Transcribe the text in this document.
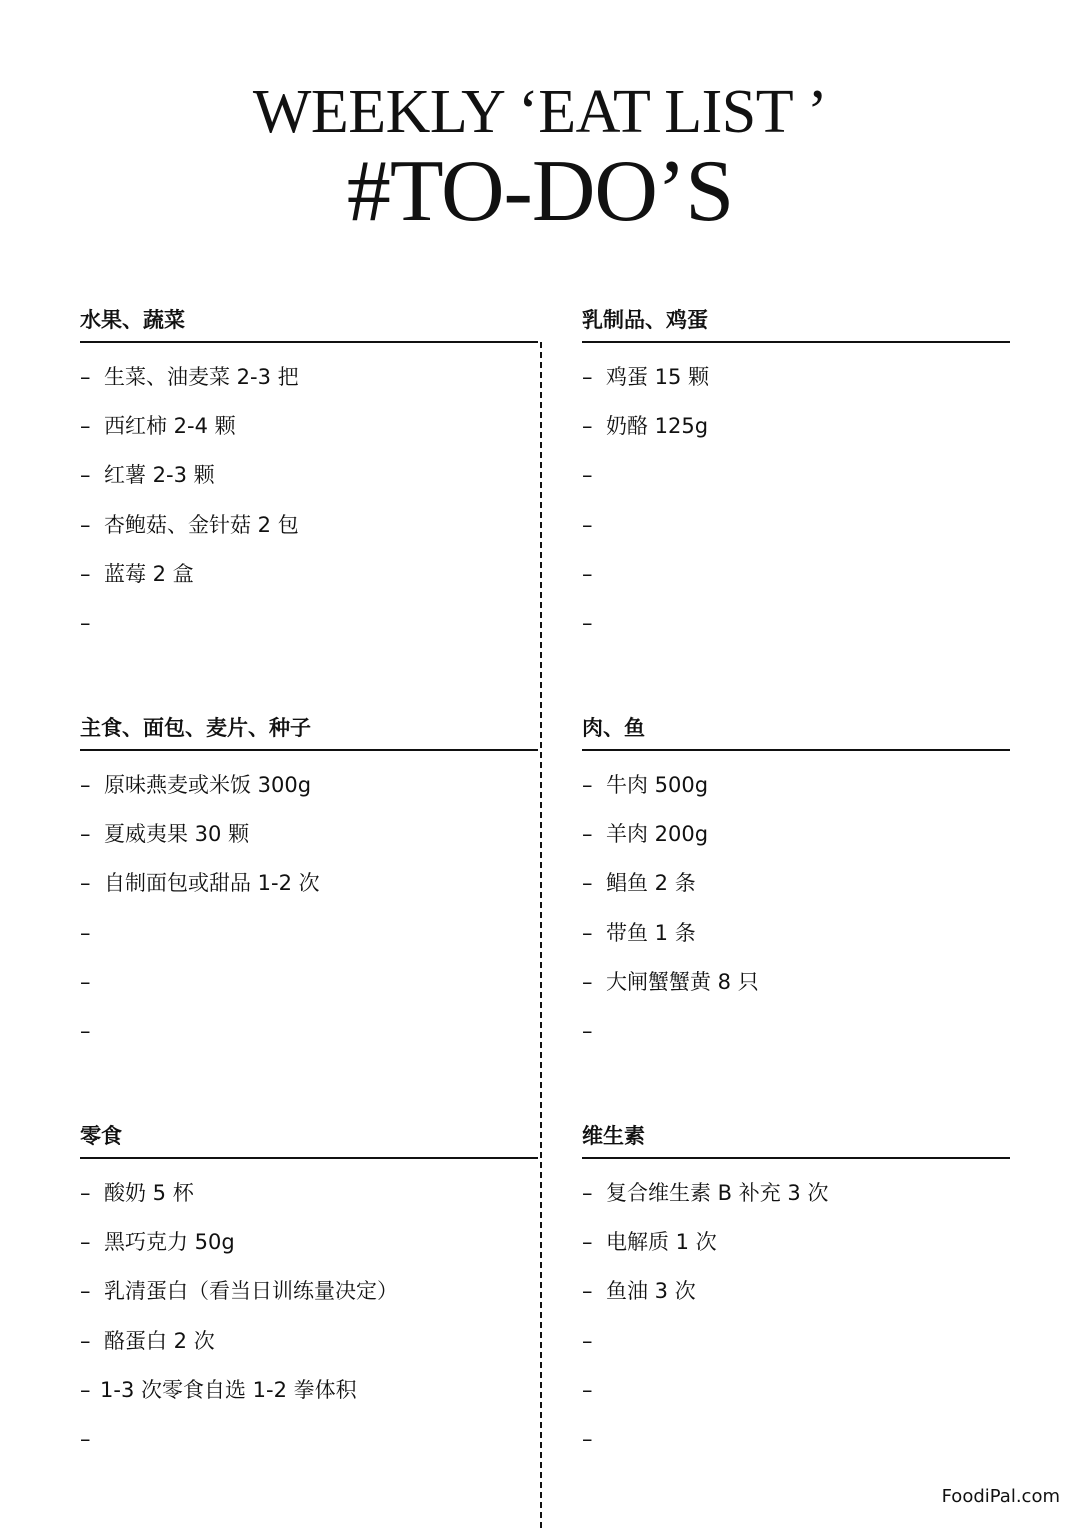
WEEKLY ‘EAT LIST ’
#TO-DO’S
水果、蔬菜
– 生菜、油麦菜 2-3 把
– 西红柿 2-4 颗
– 红薯 2-3 颗
– 杏鲍菇、金针菇 2 包
– 蓝莓 2 盒
–
乳制品、鸡蛋
– 鸡蛋 15 颗
– 奶酪 125g
–
–
–
–
主食、面包、麦片、种子
– 原味燕麦或米饭 300g
– 夏威夷果 30 颗
– 自制面包或甜品 1-2 次
–
–
–
肉、鱼
– 牛肉 500g
– 羊肉 200g
– 鲳鱼 2 条
– 带鱼 1 条
– 大闸蟹蟹黄 8 只
–
零食
– 酸奶 5 杯
– 黑巧克力 50g
– 乳清蛋白（看当日训练量决定）
– 酪蛋白 2 次
– 1-3 次零食自选 1-2 拳体积
–
维生素
– 复合维生素 B 补充 3 次
– 电解质 1 次
– 鱼油 3 次
–
–
–
FoodiPal.com
